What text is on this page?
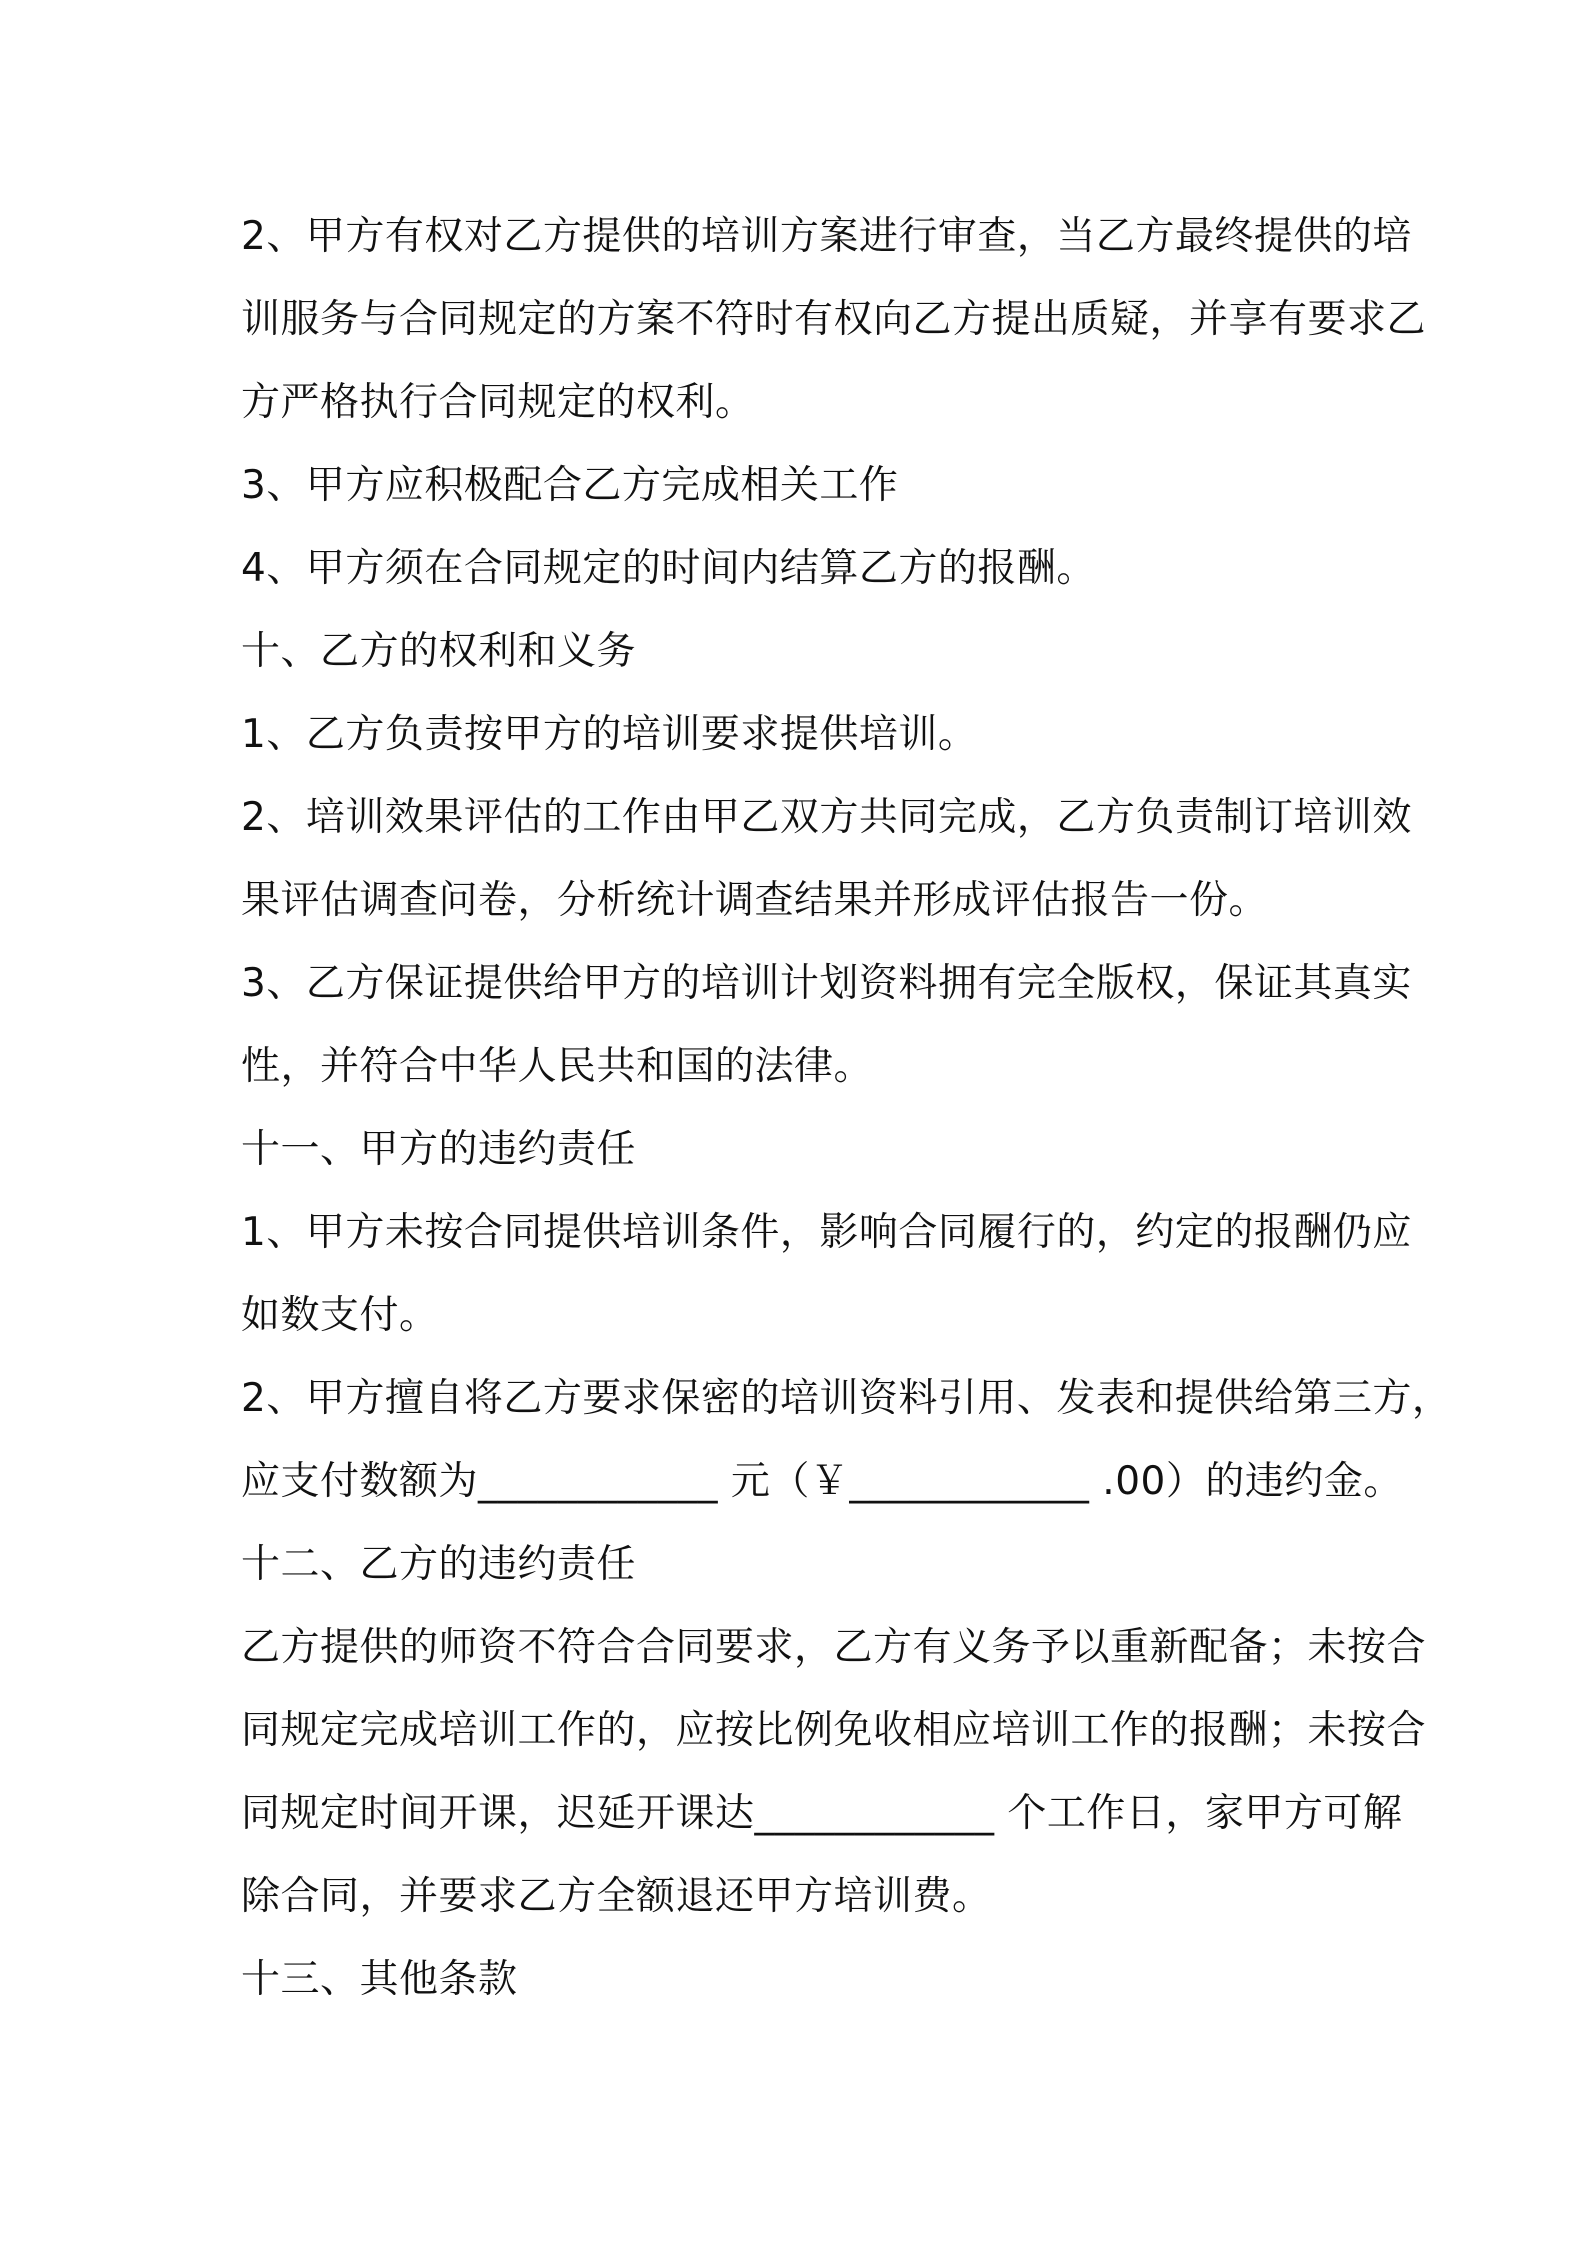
2、甲方有权对乙方提供的培训方案进行审查，当乙方最终提供的培
训服务与合同规定的方案不符时有权向乙方提出质疑，并享有要求乙
方严格执行合同规定的权利。
3、甲方应积极配合乙方完成相关工作
4、甲方须在合同规定的时间内结算乙方的报酬。
十、乙方的权利和义务
1、乙方负责按甲方的培训要求提供培训。
2、培训效果评估的工作由甲乙双方共同完成，乙方负责制订培训效
果评估调查问卷，分析统计调查结果并形成评估报告一份。
3、乙方保证提供给甲方的培训计划资料拥有完全版权，保证其真实
性，并符合中华人民共和国的法律。
十一、甲方的违约责任
1、甲方未按合同提供培训条件，影响合同履行的，约定的报酬仍应
如数支付。
2、甲方擅自将乙方要求保密的培训资料引用、发表和提供给第三方，
应支付数额为____________ 元（￥____________ .00）的违约金。
十二、乙方的违约责任
乙方提供的师资不符合合同要求，乙方有义务予以重新配备；未按合
同规定完成培训工作的，应按比例免收相应培训工作的报酬；未按合
同规定时间开课，迟延开课达____________ 个工作日，家甲方可解
除合同，并要求乙方全额退还甲方培训费。
十三、其他条款
